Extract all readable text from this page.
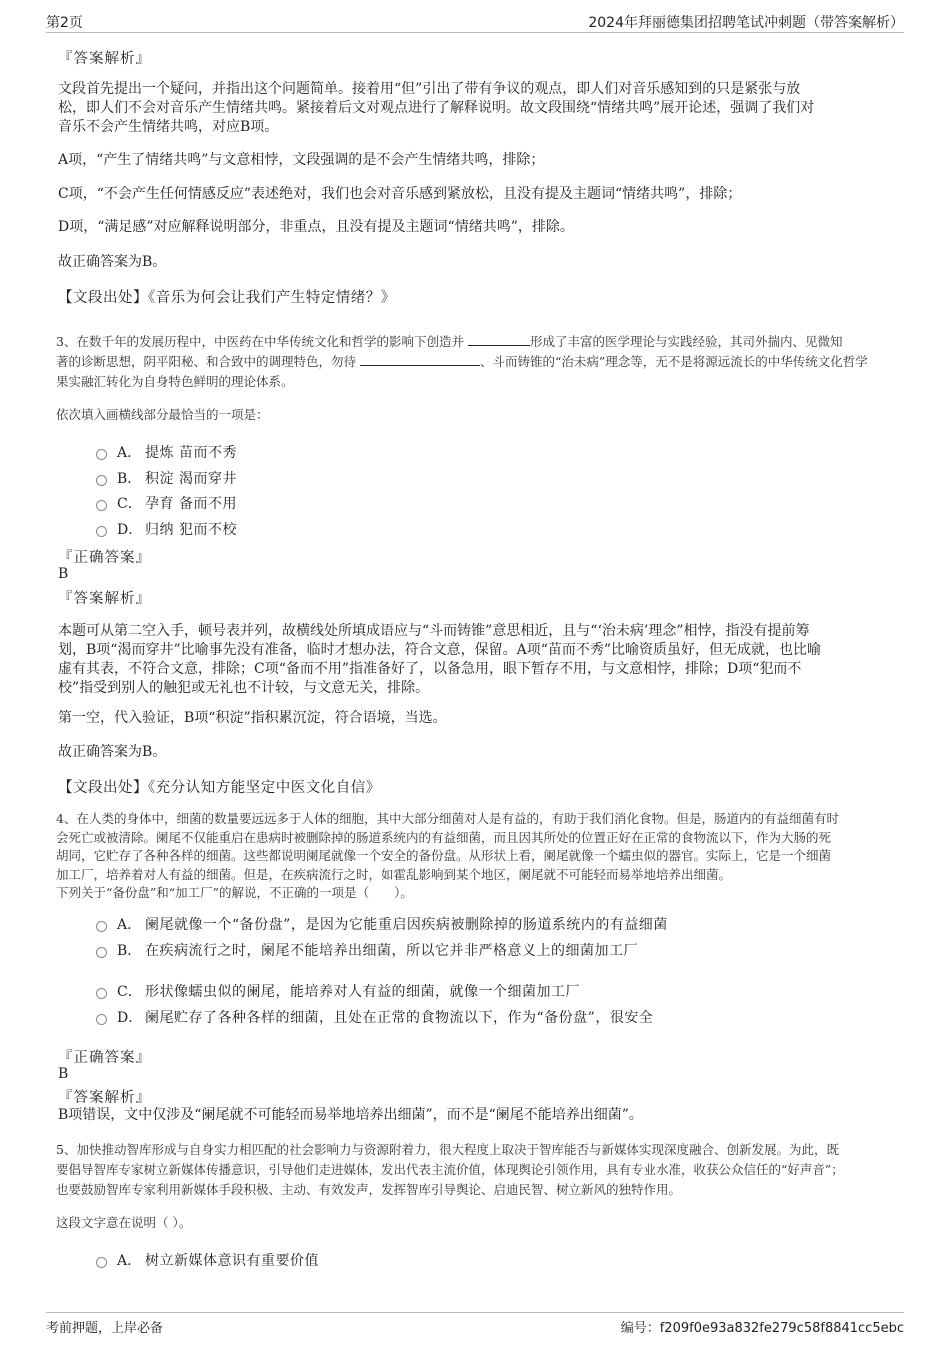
第2页	2024年拜丽德集团招聘笔试冲刺题（带答案解析）
『答案解析』
文段首先提出一个疑问，并指出这个问题简单。接着用“但”引出了带有争议的观点，即人们对音乐感知到的只是紧张与放
松，即人们不会对音乐产生情绪共鸣。紧接着后文对观点进行了解释说明。故文段围绕“情绪共鸣”展开论述，强调了我们对
音乐不会产生情绪共鸣，对应B项。
A项，“产生了情绪共鸣”与文意相悖，文段强调的是不会产生情绪共鸣，排除；
C项，“不会产生任何情感反应”表述绝对，我们也会对音乐感到紧放松，且没有提及主题词“情绪共鸣”，排除；
D项，“满足感”对应解释说明部分，非重点，且没有提及主题词“情绪共鸣”，排除。
故正确答案为B。
【文段出处】《音乐为何会让我们产生特定情绪？》
3、在数千年的发展历程中，中医药在中华传统文化和哲学的影响下创造并	形成了丰富的医学理论与实践经验，其司外揣内、见微知
著的诊断思想，阴平阳秘、和合致中的调理特色，勿待	、斗而铸锥的“治未病”理念等，无不是将源远流长的中华传统文化哲学
果实融汇转化为自身特色鲜明的理论体系。
依次填入画横线部分最恰当的一项是：
A． 提炼 苗而不秀
B． 积淀 渴而穿井
C． 孕育 备而不用
D． 归纳 犯而不校
『正确答案』
B
『答案解析』
本题可从第二空入手，顿号表并列，故横线处所填成语应与“斗而铸锥”意思相近，且与“‘治未病’理念”相悖，指没有提前筹
划，B项“渴而穿井”比喻事先没有准备，临时才想办法，符合文意，保留。A项“苗而不秀”比喻资质虽好，但无成就，也比喻
虚有其表，不符合文意，排除；C项“备而不用”指准备好了，以备急用，眼下暂存不用，与文意相悖，排除；D项“犯而不
校”指受到别人的触犯或无礼也不计较，与文意无关，排除。
第一空，代入验证，B项“积淀”指积累沉淀，符合语境，当选。
故正确答案为B。
【文段出处】《充分认知方能坚定中医文化自信》
4、在人类的身体中，细菌的数量要远远多于人体的细胞，其中大部分细菌对人是有益的，有助于我们消化食物。但是，肠道内的有益细菌有时
会死亡或被清除。阑尾不仅能重启在患病时被删除掉的肠道系统内的有益细菌，而且因其所处的位置正好在正常的食物流以下，作为大肠的死
胡同，它贮存了各种各样的细菌。这些都说明阑尾就像一个安全的备份盘。从形状上看，阑尾就像一个蠕虫似的器官。实际上，它是一个细菌
加工厂，培养着对人有益的细菌。但是，在疾病流行之时，如霍乱影响到某个地区，阑尾就不可能轻而易举地培养出细菌。
下列关于“备份盘”和“加工厂”的解说，不正确的一项是（　　）。
A． 阑尾就像一个“备份盘”，是因为它能重启因疾病被删除掉的肠道系统内的有益细菌
B． 在疾病流行之时，阑尾不能培养出细菌，所以它并非严格意义上的细菌加工厂
C． 形状像蠕虫似的阑尾，能培养对人有益的细菌，就像一个细菌加工厂
D． 阑尾贮存了各种各样的细菌，且处在正常的食物流以下，作为“备份盘”，很安全
『正确答案』
B
『答案解析』
B项错误，文中仅涉及“阑尾就不可能轻而易举地培养出细菌”，而不是“阑尾不能培养出细菌”。
5、加快推动智库形成与自身实力相匹配的社会影响力与资源附着力，很大程度上取决于智库能否与新媒体实现深度融合、创新发展。为此，既
要倡导智库专家树立新媒体传播意识，引导他们走进媒体，发出代表主流价值，体现舆论引领作用，具有专业水准，收获公众信任的“好声音”；
也要鼓励智库专家利用新媒体手段积极、主动、有效发声，发挥智库引导舆论、启迪民智、树立新风的独特作用。
这段文字意在说明（ ）。
A． 树立新媒体意识有重要价值
考前押题，上岸必备	编号：f209f0e93a832fe279c58f8841cc5ebc
